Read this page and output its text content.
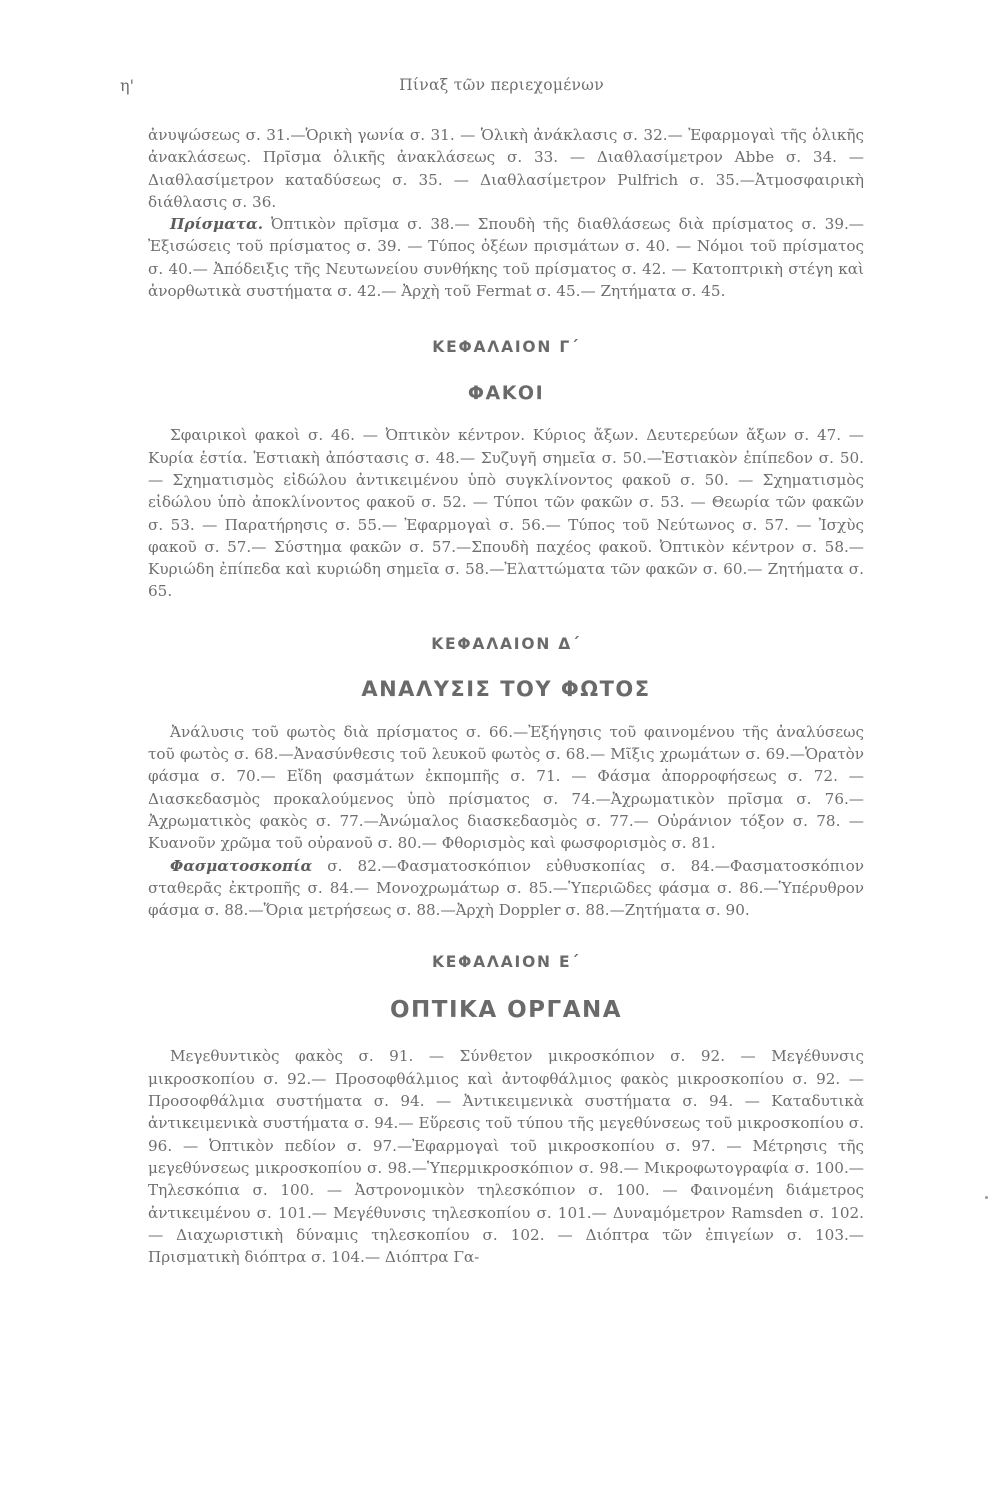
η'	Πίναξ τῶν περιεχομένων

ἀνυψώσεως σ. 31.—Ὁρικὴ γωνία σ. 31. — Ὁλικὴ ἀνάκλασις σ. 32.— Ἐφαρμογαὶ τῆς ὁλικῆς ἀνακλάσεως. Πρῖσμα ὁλικῆς ἀνακλάσεως σ. 33. — Διαθλασίμετρον Abbe σ. 34. — Διαθλασίμετρον καταδύσεως σ. 35. — Διαθλασίμετρον Pulfrich σ. 35.—Ἀτμοσφαιρικὴ διάθλασις σ. 36.

Πρίσματα. Ὀπτικὸν πρῖσμα σ. 38.— Σπουδὴ τῆς διαθλάσεως διὰ πρίσματος σ. 39.— Ἐξισώσεις τοῦ πρίσματος σ. 39. — Τύπος ὀξέων πρισμάτων σ. 40. — Νόμοι τοῦ πρίσματος σ. 40.— Ἀπόδειξις τῆς Νευτωνείου συνθήκης τοῦ πρίσματος σ. 42. — Κατοπτρικὴ στέγη καὶ ἀνορθωτικὰ συστήματα σ. 42.— Ἀρχὴ τοῦ Fermat σ. 45.— Ζητήματα σ. 45.

ΚΕΦΑΛΑΙΟΝ Γ΄
ΦΑΚΟΙ

Σφαιρικοὶ φακοὶ σ. 46. — Ὀπτικὸν κέντρον. Κύριος ἄξων. Δευτερεύων ἄξων σ. 47. — Κυρία ἑστία. Ἑστιακὴ ἀπόστασις σ. 48.— Συζυγῆ σημεῖα σ. 50.—Ἑστιακὸν ἐπίπεδον σ. 50.— Σχηματισμὸς εἰδώλου ἀντικειμένου ὑπὸ συγκλίνοντος φακοῦ σ. 50. — Σχηματισμὸς εἰδώλου ὑπὸ ἀποκλίνοντος φακοῦ σ. 52. — Τύποι τῶν φακῶν σ. 53. — Θεωρία τῶν φακῶν σ. 53. — Παρατήρησις σ. 55.— Ἐφαρμογαὶ σ. 56.— Τύπος τοῦ Νεύτωνος σ. 57. — Ἰσχὺς φακοῦ σ. 57.— Σύστημα φακῶν σ. 57.—Σπουδὴ παχέος φακοῦ. Ὀπτικὸν κέντρον σ. 58.— Κυριώδη ἐπίπεδα καὶ κυριώδη σημεῖα σ. 58.—Ἐλαττώματα τῶν φακῶν σ. 60.— Ζητήματα σ. 65.

ΚΕΦΑΛΑΙΟΝ Δ΄
ΑΝΑΛΥΣΙΣ ΤΟΥ ΦΩΤΟΣ

Ἀνάλυσις τοῦ φωτὸς διὰ πρίσματος σ. 66.—Ἐξήγησις τοῦ φαινομένου τῆς ἀναλύσεως τοῦ φωτὸς σ. 68.—Ἀνασύνθεσις τοῦ λευκοῦ φωτὸς σ. 68.— Μῖξις χρωμάτων σ. 69.—Ὁρατὸν φάσμα σ. 70.— Εἴδη φασμάτων ἐκπομπῆς σ. 71. — Φάσμα ἀπορροφήσεως σ. 72. — Διασκεδασμὸς προκαλούμενος ὑπὸ πρίσματος σ. 74.—Ἀχρωματικὸν πρῖσμα σ. 76.—Ἀχρωματικὸς φακὸς σ. 77.—Ἀνώμαλος διασκεδασμὸς σ. 77.— Οὐράνιον τόξον σ. 78. — Κυανοῦν χρῶμα τοῦ οὐρανοῦ σ. 80.— Φθορισμὸς καὶ φωσφορισμὸς σ. 81.

Φασματοσκοπία σ. 82.—Φασματοσκόπιον εὐθυσκοπίας σ. 84.—Φασματοσκόπιον σταθερᾶς ἐκτροπῆς σ. 84.— Μονοχρωμάτωρ σ. 85.—Ὑπεριῶδες φάσμα σ. 86.—Ὑπέρυθρον φάσμα σ. 88.—Ὅρια μετρήσεως σ. 88.—Ἀρχὴ Doppler σ. 88.—Ζητήματα σ. 90.

ΚΕΦΑΛΑΙΟΝ Ε΄
ΟΠΤΙΚΑ ΟΡΓΑΝΑ

Μεγεθυντικὸς φακὸς σ. 91. — Σύνθετον μικροσκόπιον σ. 92. — Μεγέθυνσις μικροσκοπίου σ. 92.— Προσοφθάλμιος καὶ ἀντοφθάλμιος φακὸς μικροσκοπίου σ. 92. — Προσοφθάλμια συστήματα σ. 94. — Ἀντικειμενικὰ συστήματα σ. 94. — Καταδυτικὰ ἀντικειμενικὰ συστήματα σ. 94.— Εὕρεσις τοῦ τύπου τῆς μεγεθύνσεως τοῦ μικροσκοπίου σ. 96. — Ὀπτικὸν πεδίον σ. 97.—Ἐφαρμογαὶ τοῦ μικροσκοπίου σ. 97. — Μέτρησις τῆς μεγεθύνσεως μικροσκοπίου σ. 98.—Ὑπερμικροσκόπιον σ. 98.— Μικροφωτογραφία σ. 100.— Τηλεσκόπια σ. 100. — Ἀστρονομικὸν τηλεσκόπιον σ. 100. — Φαινομένη διάμετρος ἀντικειμένου σ. 101.— Μεγέθυνσις τηλεσκοπίου σ. 101.— Δυναμόμετρον Ramsden σ. 102.— Διαχωριστικὴ δύναμις τηλεσκοπίου σ. 102. — Διόπτρα τῶν ἐπιγείων σ. 103.— Πρισματικὴ διόπτρα σ. 104.— Διόπτρα Γα-
